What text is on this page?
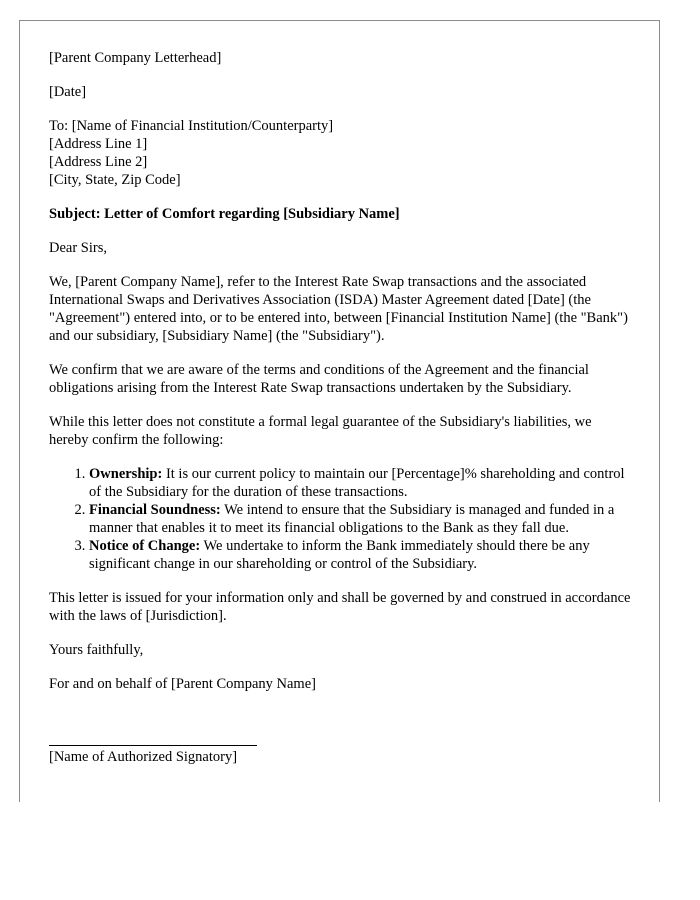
[Parent Company Letterhead]

[Date]

To: [Name of Financial Institution/Counterparty]
[Address Line 1]
[Address Line 2]
[City, State, Zip Code]

Subject: Letter of Comfort regarding [Subsidiary Name]

Dear Sirs,

We, [Parent Company Name], refer to the Interest Rate Swap transactions and the associated International Swaps and Derivatives Association (ISDA) Master Agreement dated [Date] (the "Agreement") entered into, or to be entered into, between [Financial Institution Name] (the "Bank") and our subsidiary, [Subsidiary Name] (the "Subsidiary").

We confirm that we are aware of the terms and conditions of the Agreement and the financial obligations arising from the Interest Rate Swap transactions undertaken by the Subsidiary.

While this letter does not constitute a formal legal guarantee of the Subsidiary's liabilities, we hereby confirm the following:

1. Ownership: It is our current policy to maintain our [Percentage]% shareholding and control of the Subsidiary for the duration of these transactions.
2. Financial Soundness: We intend to ensure that the Subsidiary is managed and funded in a manner that enables it to meet its financial obligations to the Bank as they fall due.
3. Notice of Change: We undertake to inform the Bank immediately should there be any significant change in our shareholding or control of the Subsidiary.

This letter is issued for your information only and shall be governed by and construed in accordance with the laws of [Jurisdiction].

Yours faithfully,

For and on behalf of [Parent Company Name]

[Name of Authorized Signatory]
